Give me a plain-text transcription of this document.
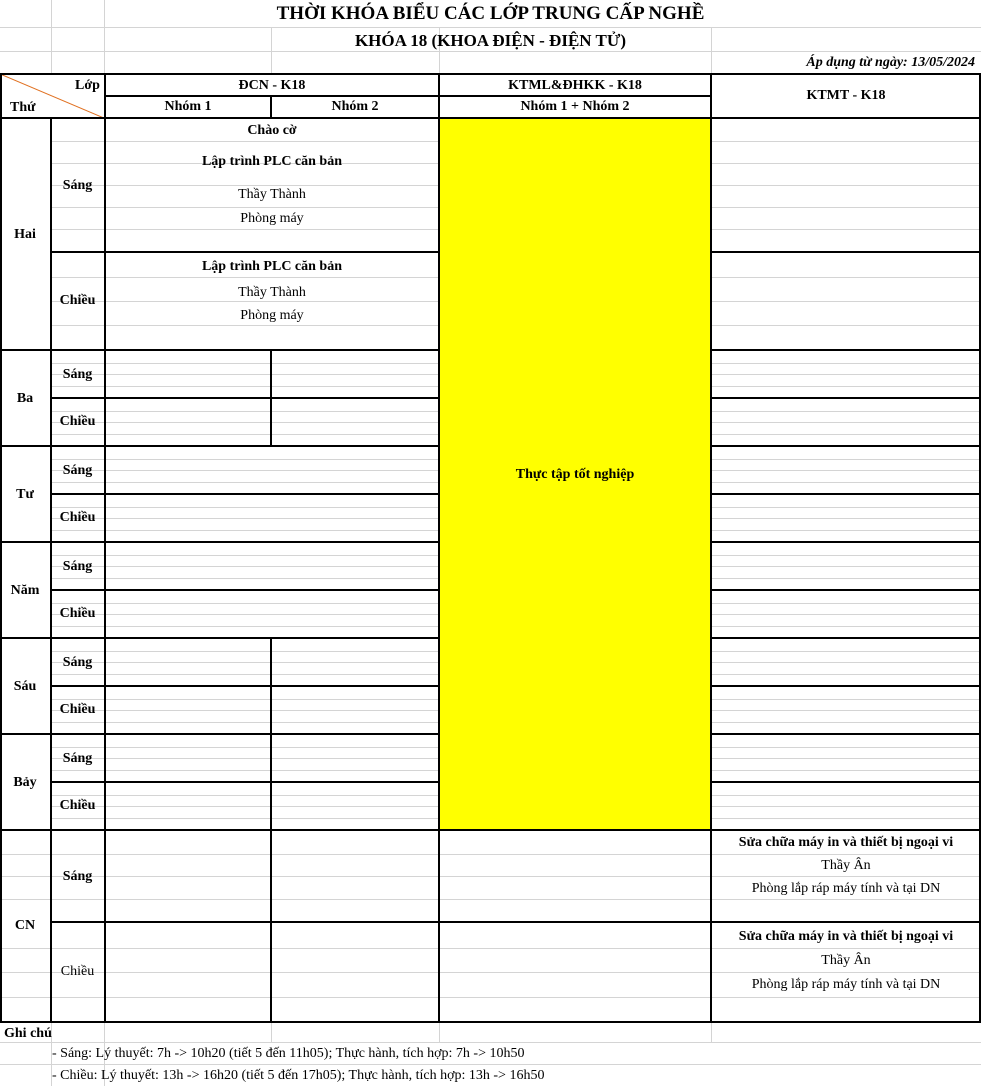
THỜI KHÓA BIỂU CÁC LỚP TRUNG CẤP NGHỀ
KHÓA 18 (KHOA ĐIỆN - ĐIỆN TỬ)
Áp dụng từ ngày: 13/05/2024
Lớp
Thứ
ĐCN - K18
Nhóm 1	Nhóm 2
KTML&ĐHKK - K18
Nhóm 1 + Nhóm 2
KTMT - K18
Hai
Ba
Tư
Năm
Sáu
Bảy
CN
Sáng
Chiều
Sáng
Chiều
Sáng
Chiều
Sáng
Chiều
Sáng
Chiều
Sáng
Chiều
Sáng
Chiều
Chào cờ
Lập trình PLC căn bản
Thầy Thành
Phòng máy
Lập trình PLC căn bản
Thầy Thành
Phòng máy
Thực tập tốt nghiệp
Sửa chữa máy in và thiết bị ngoại vi
Thầy Ân
Phòng lắp ráp máy tính và tại DN
Sửa chữa máy in và thiết bị ngoại vi
Thầy Ân
Phòng lắp ráp máy tính và tại DN
Ghi chú
- Sáng: Lý thuyết: 7h -> 10h20 (tiết 5 đến 11h05); Thực hành, tích hợp: 7h -> 10h50
- Chiều: Lý thuyết: 13h -> 16h20 (tiết 5 đến 17h05); Thực hành, tích hợp: 13h -> 16h50
